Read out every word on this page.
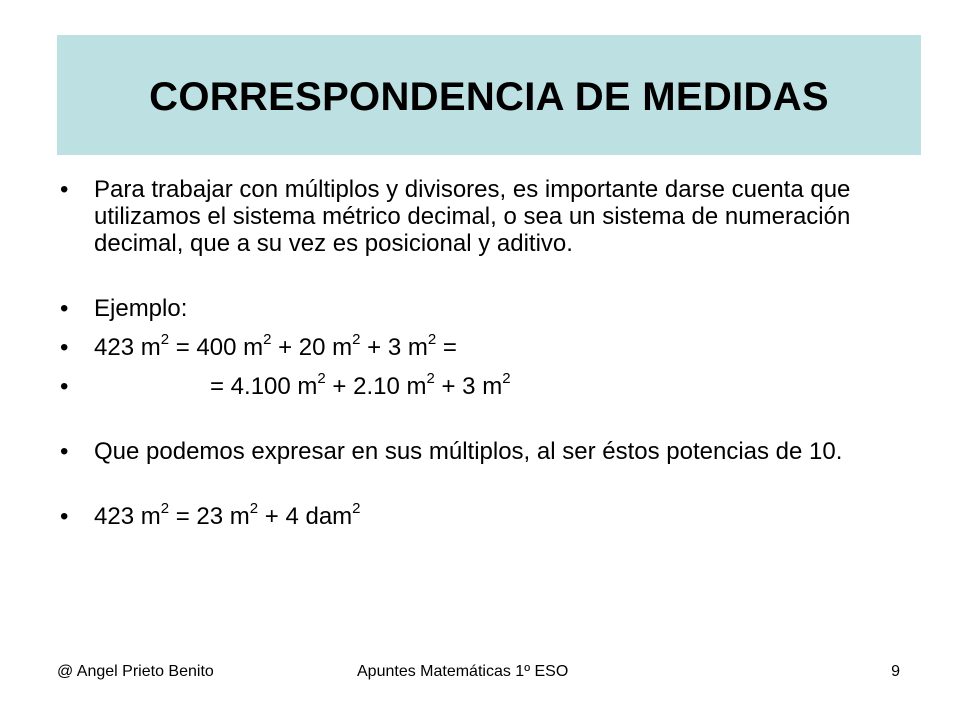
CORRESPONDENCIA DE MEDIDAS
• Para trabajar con múltiplos y divisores, es importante darse cuenta que utilizamos el sistema métrico decimal, o sea un sistema de numeración decimal, que a su vez es posicional y aditivo.
• Ejemplo:
• 423 $m^2 = 400$ $m^2 + 20$ $m^2 + 3$ $m^2$ =
• = 4.100 $m^2 + 2.10$ $m^2 + 3$ $m^2$
• Que podemos expresar en sus múltiplos, al ser éstos potencias de 10.
• 423 $m^2 = 23$ $m^2 + 4$ dam$^2$
@ Angel Prieto Benito	Apuntes Matemáticas 1º ESO	9
